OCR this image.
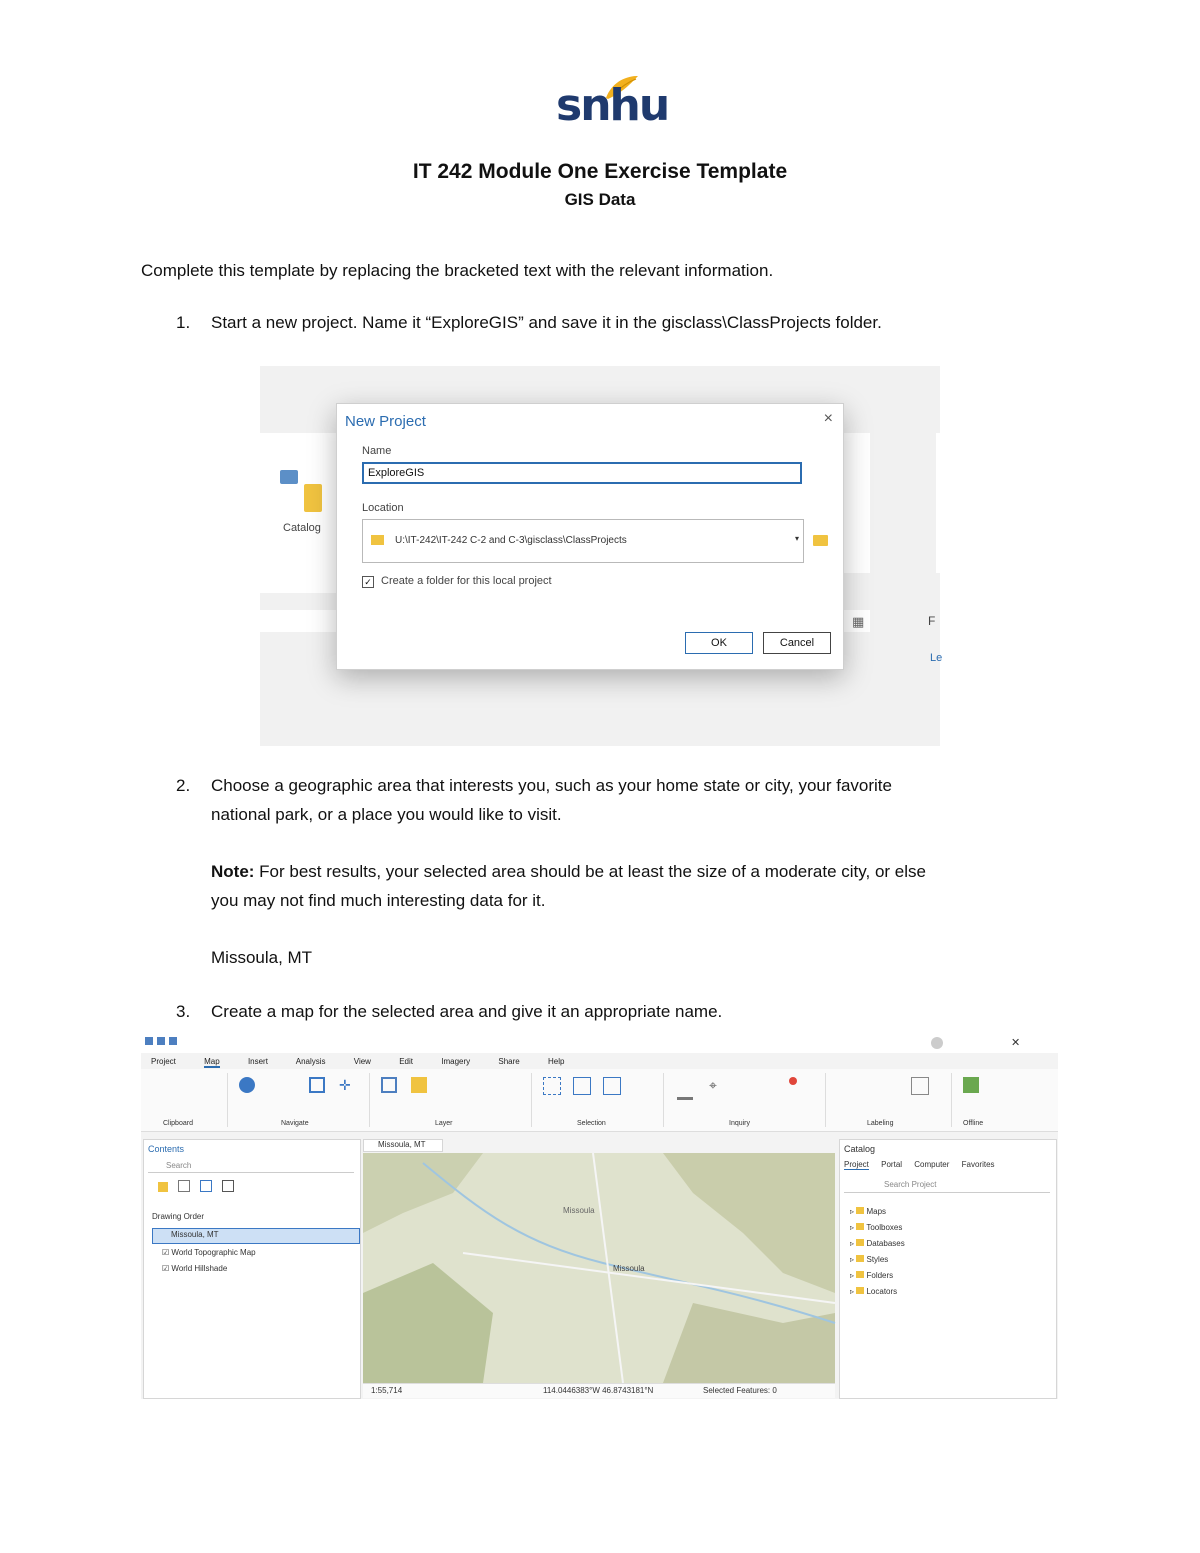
snhu
IT 242 Module One Exercise Template
GIS Data
Complete this template by replacing the bracketed text with the relevant information.
1. Start a new project. Name it “ExploreGIS” and save it in the gisclass\ClassProjects folder.
Catalog
▦	F
Le
New Project	×
Name
ExploreGIS
Location
U:\IT-242\IT-242 C-2 and C-3\gisclass\ClassProjects	▾
✓ Create a folder for this local project
OK	Cancel
2. Choose a geographic area that interests you, such as your home state or city, your favorite
national park, or a place you would like to visit.
Note: For best results, your selected area should be at least the size of a moderate city, or else
you may not find much interesting data for it.
Missoula, MT
3. Create a map for the selected area and give it an appropriate name.
✕
Project	Map	Insert	Analysis	View	Edit	Imagery	Share	Help
Clipboard
✛
Navigate	Layer	Selection
⌖
Inquiry	Labeling	Offline
Contents
Search
Drawing Order
Missoula, MT
☑ World Topographic Map
☑ World Hillshade
Missoula, MT
Missoula
Missoula
1:55,714	114.0446383°W 46.8743181°N	Selected Features: 0
Catalog
Project Portal Computer Favorites
Search Project
▹  Maps
▹  Toolboxes
▹  Databases
▹  Styles
▹  Folders
▹  Locators
